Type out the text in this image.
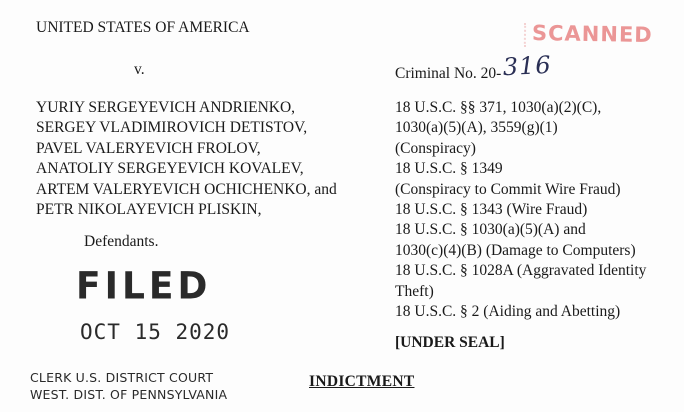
UNITED STATES OF AMERICA
v.	Criminal No. 20-316
SCANNED
YURIY SERGEYEVICH ANDRIENKO,
SERGEY VLADIMIROVICH DETISTOV,
PAVEL VALERYEVICH FROLOV,
ANATOLIY SERGEYEVICH KOVALEV,
ARTEM VALERYEVICH OCHICHENKO, and
PETR NIKOLAYEVICH PLISKIN,
Defendants.
18 U.S.C. §§ 371, 1030(a)(2)(C),
1030(a)(5)(A), 3559(g)(1)
(Conspiracy)
18 U.S.C. § 1349
(Conspiracy to Commit Wire Fraud)
18 U.S.C. § 1343 (Wire Fraud)
18 U.S.C. § 1030(a)(5)(A) and
1030(c)(4)(B) (Damage to Computers)
18 U.S.C. § 1028A (Aggravated Identity
Theft)
18 U.S.C. § 2 (Aiding and Abetting)
FILED
OCT 15 2020	[UNDER SEAL]
CLERK U.S. DISTRICT COURT
WEST. DIST. OF PENNSYLVANIA
INDICTMENT
